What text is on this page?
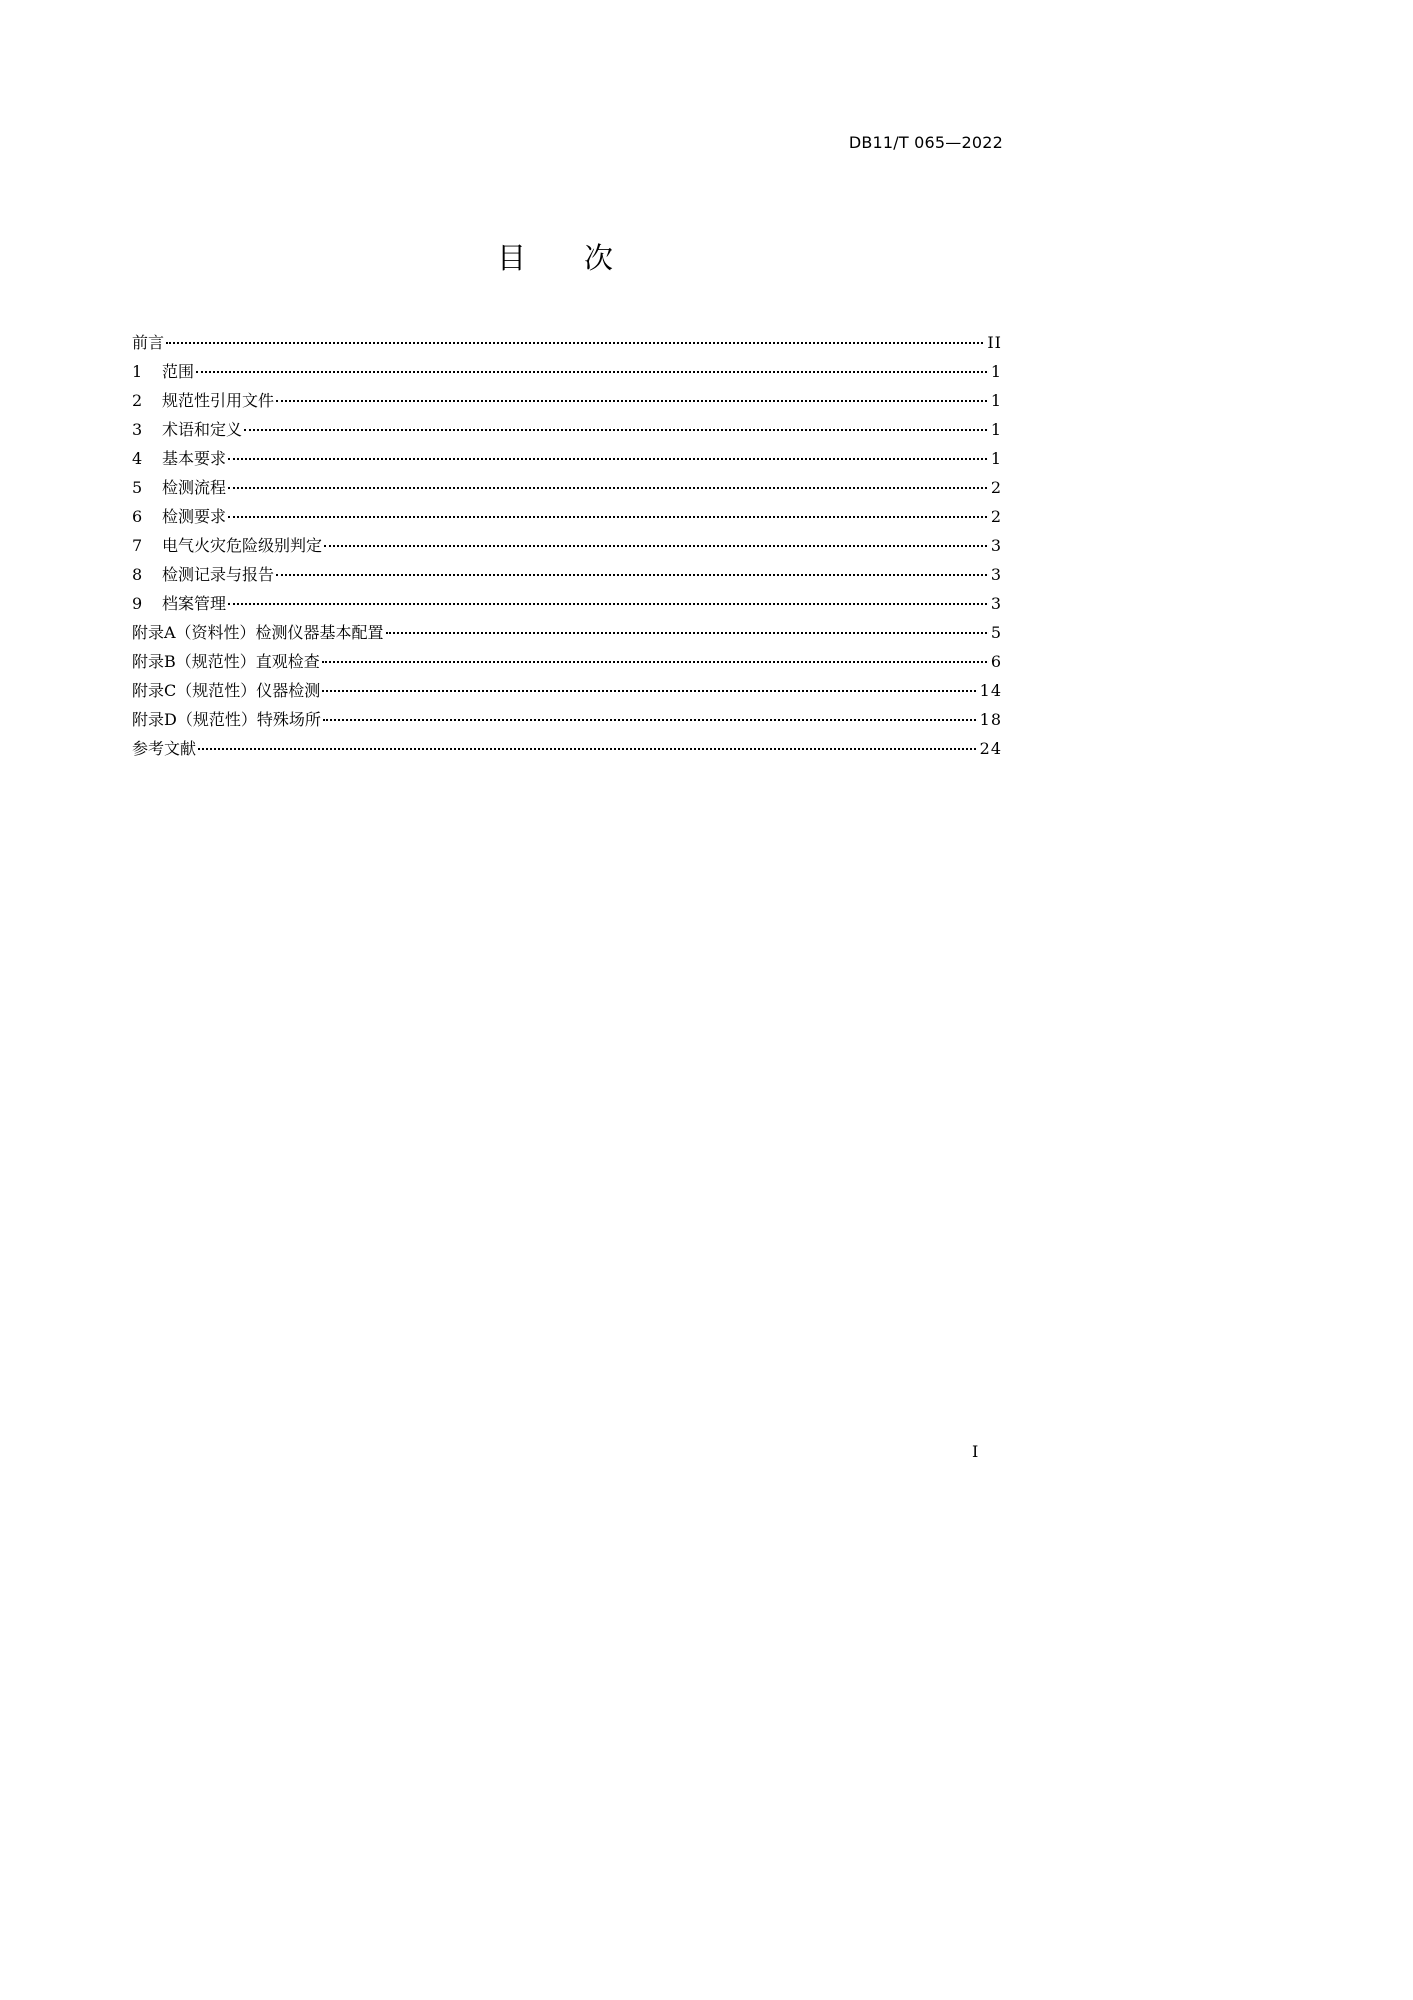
DB11/T 065—2022
目次
前言	II
1	范围	1
2	规范性引用文件	1
3	术语和定义	1
4	基本要求	1
5	检测流程	2
6	检测要求	2
7	电气火灾危险级别判定	3
8	检测记录与报告	3
9	档案管理	3
附录A（资料性）检测仪器基本配置	5
附录B（规范性）直观检查	6
附录C（规范性）仪器检测	14
附录D（规范性）特殊场所	18
参考文献	24
I
